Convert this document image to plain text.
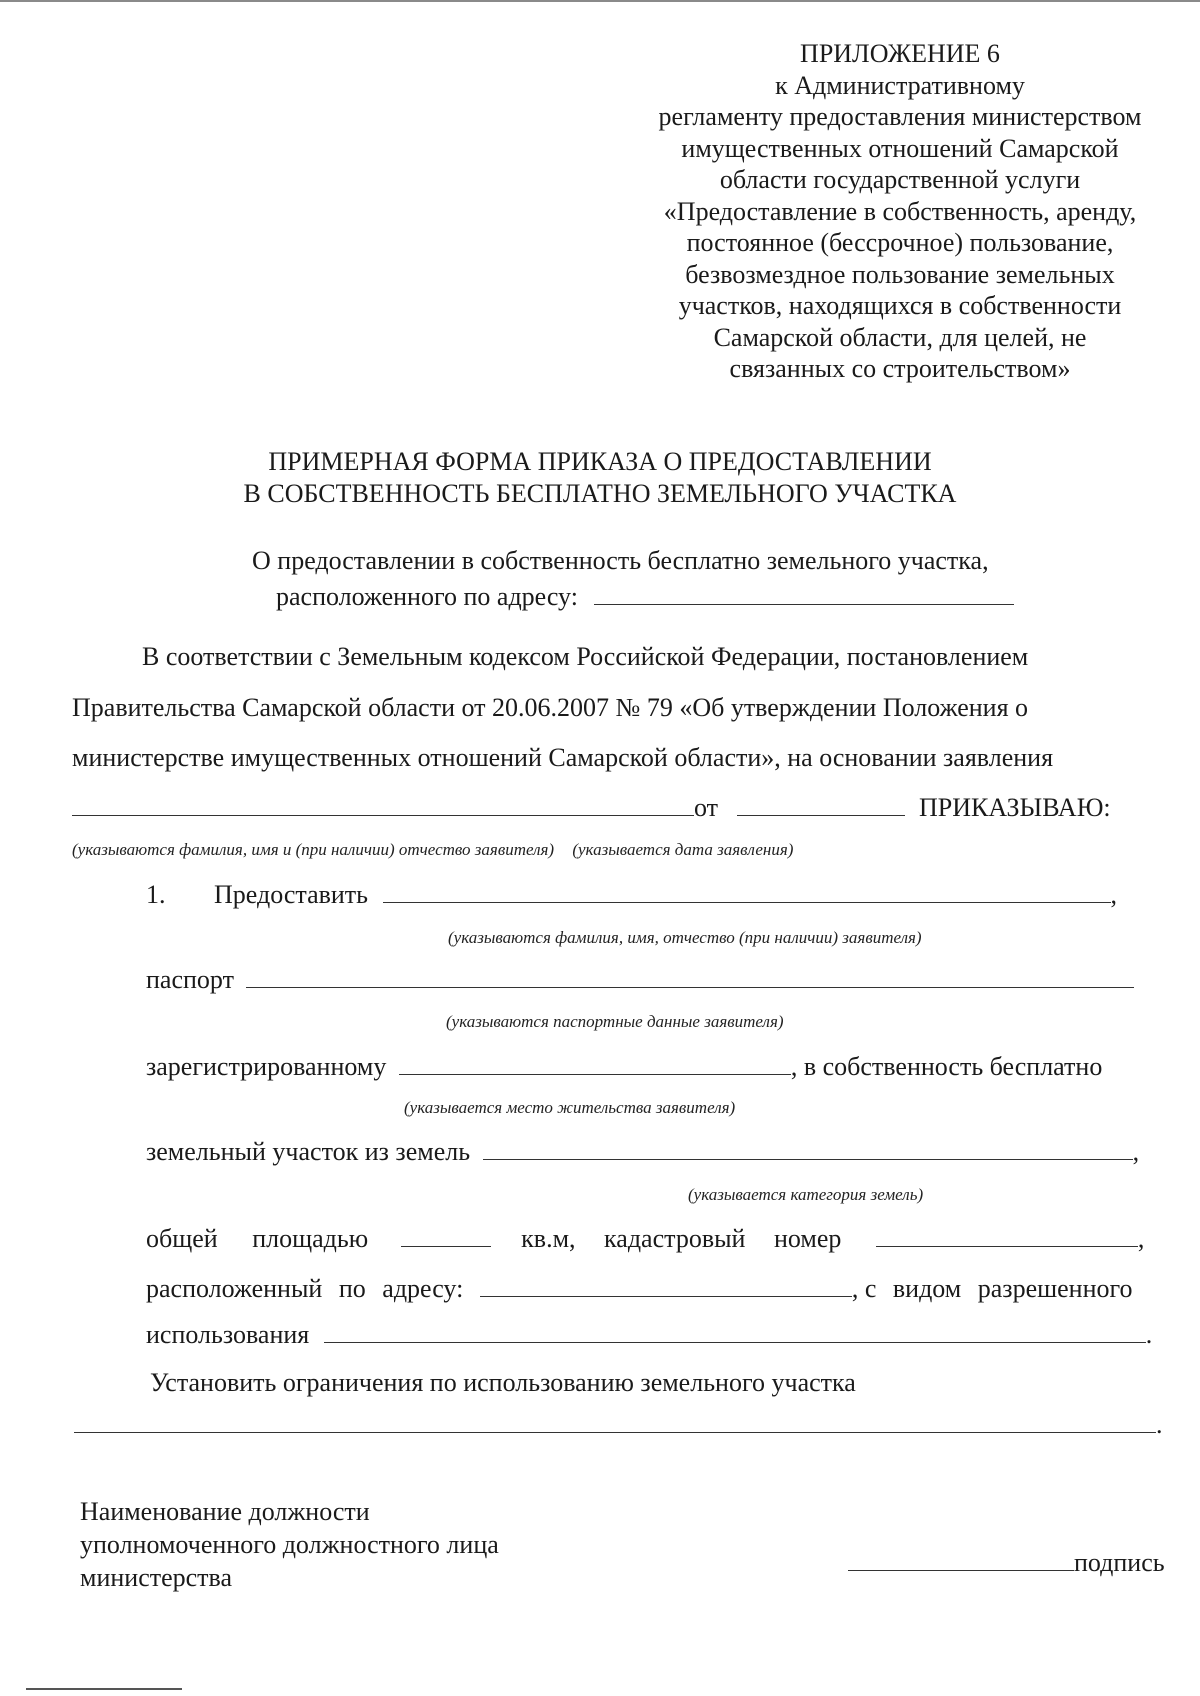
ПРИЛОЖЕНИЕ 6
к Административному
регламенту предоставления министерством
имущественных отношений Самарской
области государственной услуги
«Предоставление в собственность, аренду,
постоянное (бессрочное) пользование,
безвозмездное пользование земельных
участков, находящихся в собственности
Самарской области, для целей, не
связанных со строительством»
ПРИМЕРНАЯ ФОРМА ПРИКАЗА О ПРЕДОСТАВЛЕНИИ
В СОБСТВЕННОСТЬ БЕСПЛАТНО ЗЕМЕЛЬНОГО УЧАСТКА
О предоставлении в собственность бесплатно земельного участка,
расположенного по адресу:
В соответствии с Земельным кодексом Российской Федерации, постановлением
Правительства Самарской области от 20.06.2007 № 79 «Об утверждении Положения о
министерстве имущественных отношений Самарской области», на основании заявления
от	ПРИКАЗЫВАЮ:
(указываются фамилия, имя и (при наличии) отчество заявителя) (указывается дата заявления)
1. Предоставить	,
(указываются фамилия, имя, отчество (при наличии) заявителя)
паспорт
(указываются паспортные данные заявителя)
зарегистрированному	, в собственность бесплатно
(указывается место жительства заявителя)
земельный участок из земель	,
(указывается категория земель)
общей площадью	кв.м, кадастровый номер	,
расположенный по адресу:	, с видом разрешенного
использования	.
Установить ограничения по использованию земельного участка
.
Наименование должности
уполномоченного должностного лица
министерства
подпись
